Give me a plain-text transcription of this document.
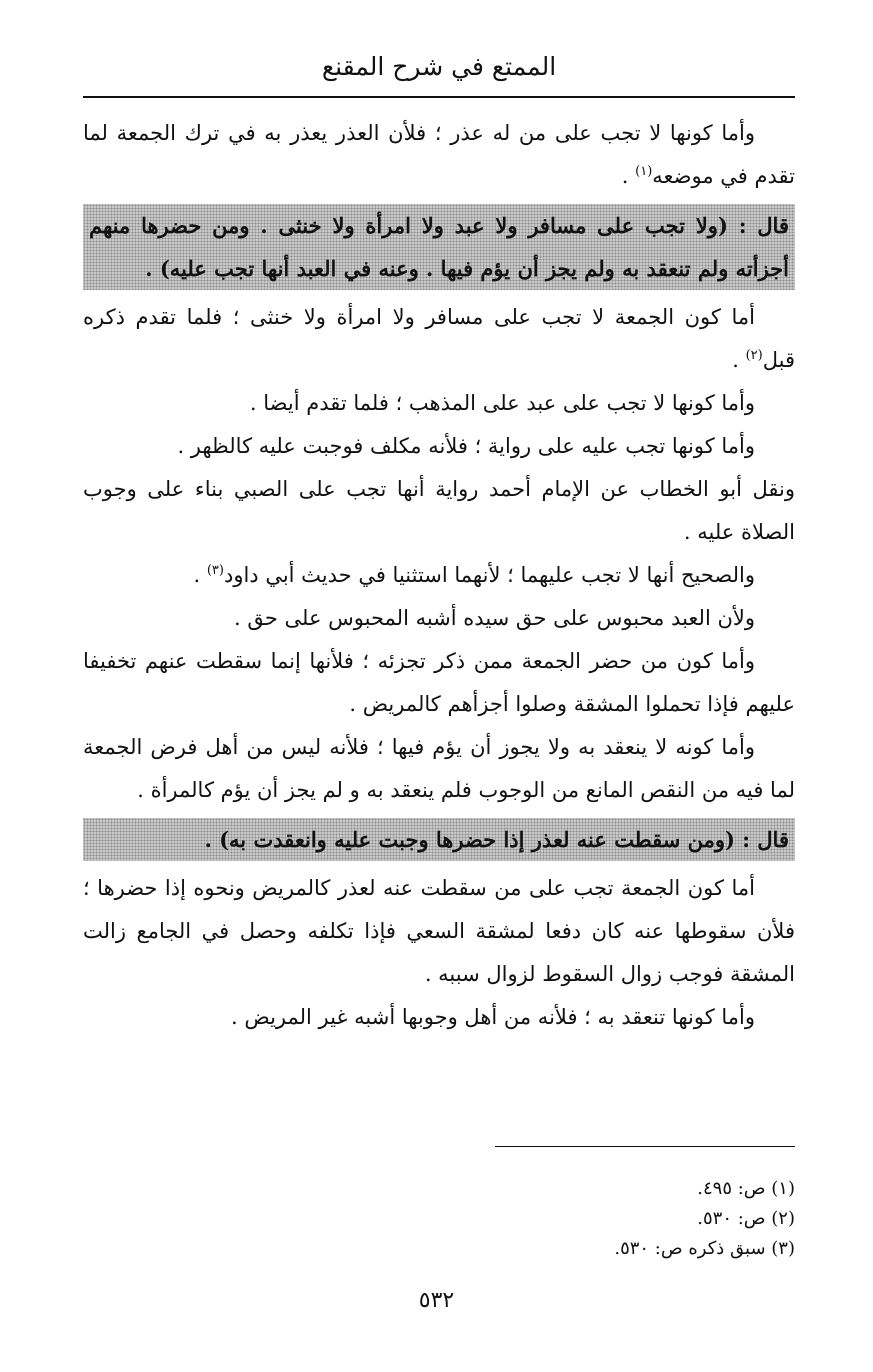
الممتع في شرح المقنع

وأما كونها لا تجب على من له عذر ؛ فلأن العذر يعذر به في ترك الجمعة لما تقدم في موضعه$^{(١)}$ .

قال : (ولا تجب على مسافر ولا عبد ولا امرأة ولا خنثى . ومن حضرها منهم أجزأته ولم تنعقد به ولم يجز أن يؤم فيها . وعنه في العبد أنها تجب عليه) .

أما كون الجمعة لا تجب على مسافر ولا امرأة ولا خنثى ؛ فلما تقدم ذكره قبل$^{(٢)}$ .

وأما كونها لا تجب على عبد على المذهب ؛ فلما تقدم أيضا .

وأما كونها تجب عليه على رواية ؛ فلأنه مكلف فوجبت عليه كالظهر .

ونقل أبو الخطاب عن الإمام أحمد رواية أنها تجب على الصبي بناء على وجوب الصلاة عليه .

والصحيح أنها لا تجب عليهما ؛ لأنهما استثنيا في حديث أبي داود$^{(٣)}$ .

ولأن العبد محبوس على حق سيده أشبه المحبوس على حق .

وأما كون من حضر الجمعة ممن ذكر تجزئه ؛ فلأنها إنما سقطت عنهم تخفيفا عليهم فإذا تحملوا المشقة وصلوا أجزأهم كالمريض .

وأما كونه لا ينعقد به ولا يجوز أن يؤم فيها ؛ فلأنه ليس من أهل فرض الجمعة لما فيه من النقص المانع من الوجوب فلم ينعقد به و لم يجز أن يؤم كالمرأة .

قال : (ومن سقطت عنه لعذر إذا حضرها وجبت عليه وانعقدت به) .

أما كون الجمعة تجب على من سقطت عنه لعذر كالمريض ونحوه إذا حضرها ؛ فلأن سقوطها عنه كان دفعا لمشقة السعي فإذا تكلفه وحصل في الجامع زالت المشقة فوجب زوال السقوط لزوال سببه .

وأما كونها تنعقد به ؛ فلأنه من أهل وجوبها أشبه غير المريض .

(١) ص: ٤٩٥.
(٢) ص: ٥٣٠.
(٣) سبق ذكره ص: ٥٣٠.
٥٣٢
